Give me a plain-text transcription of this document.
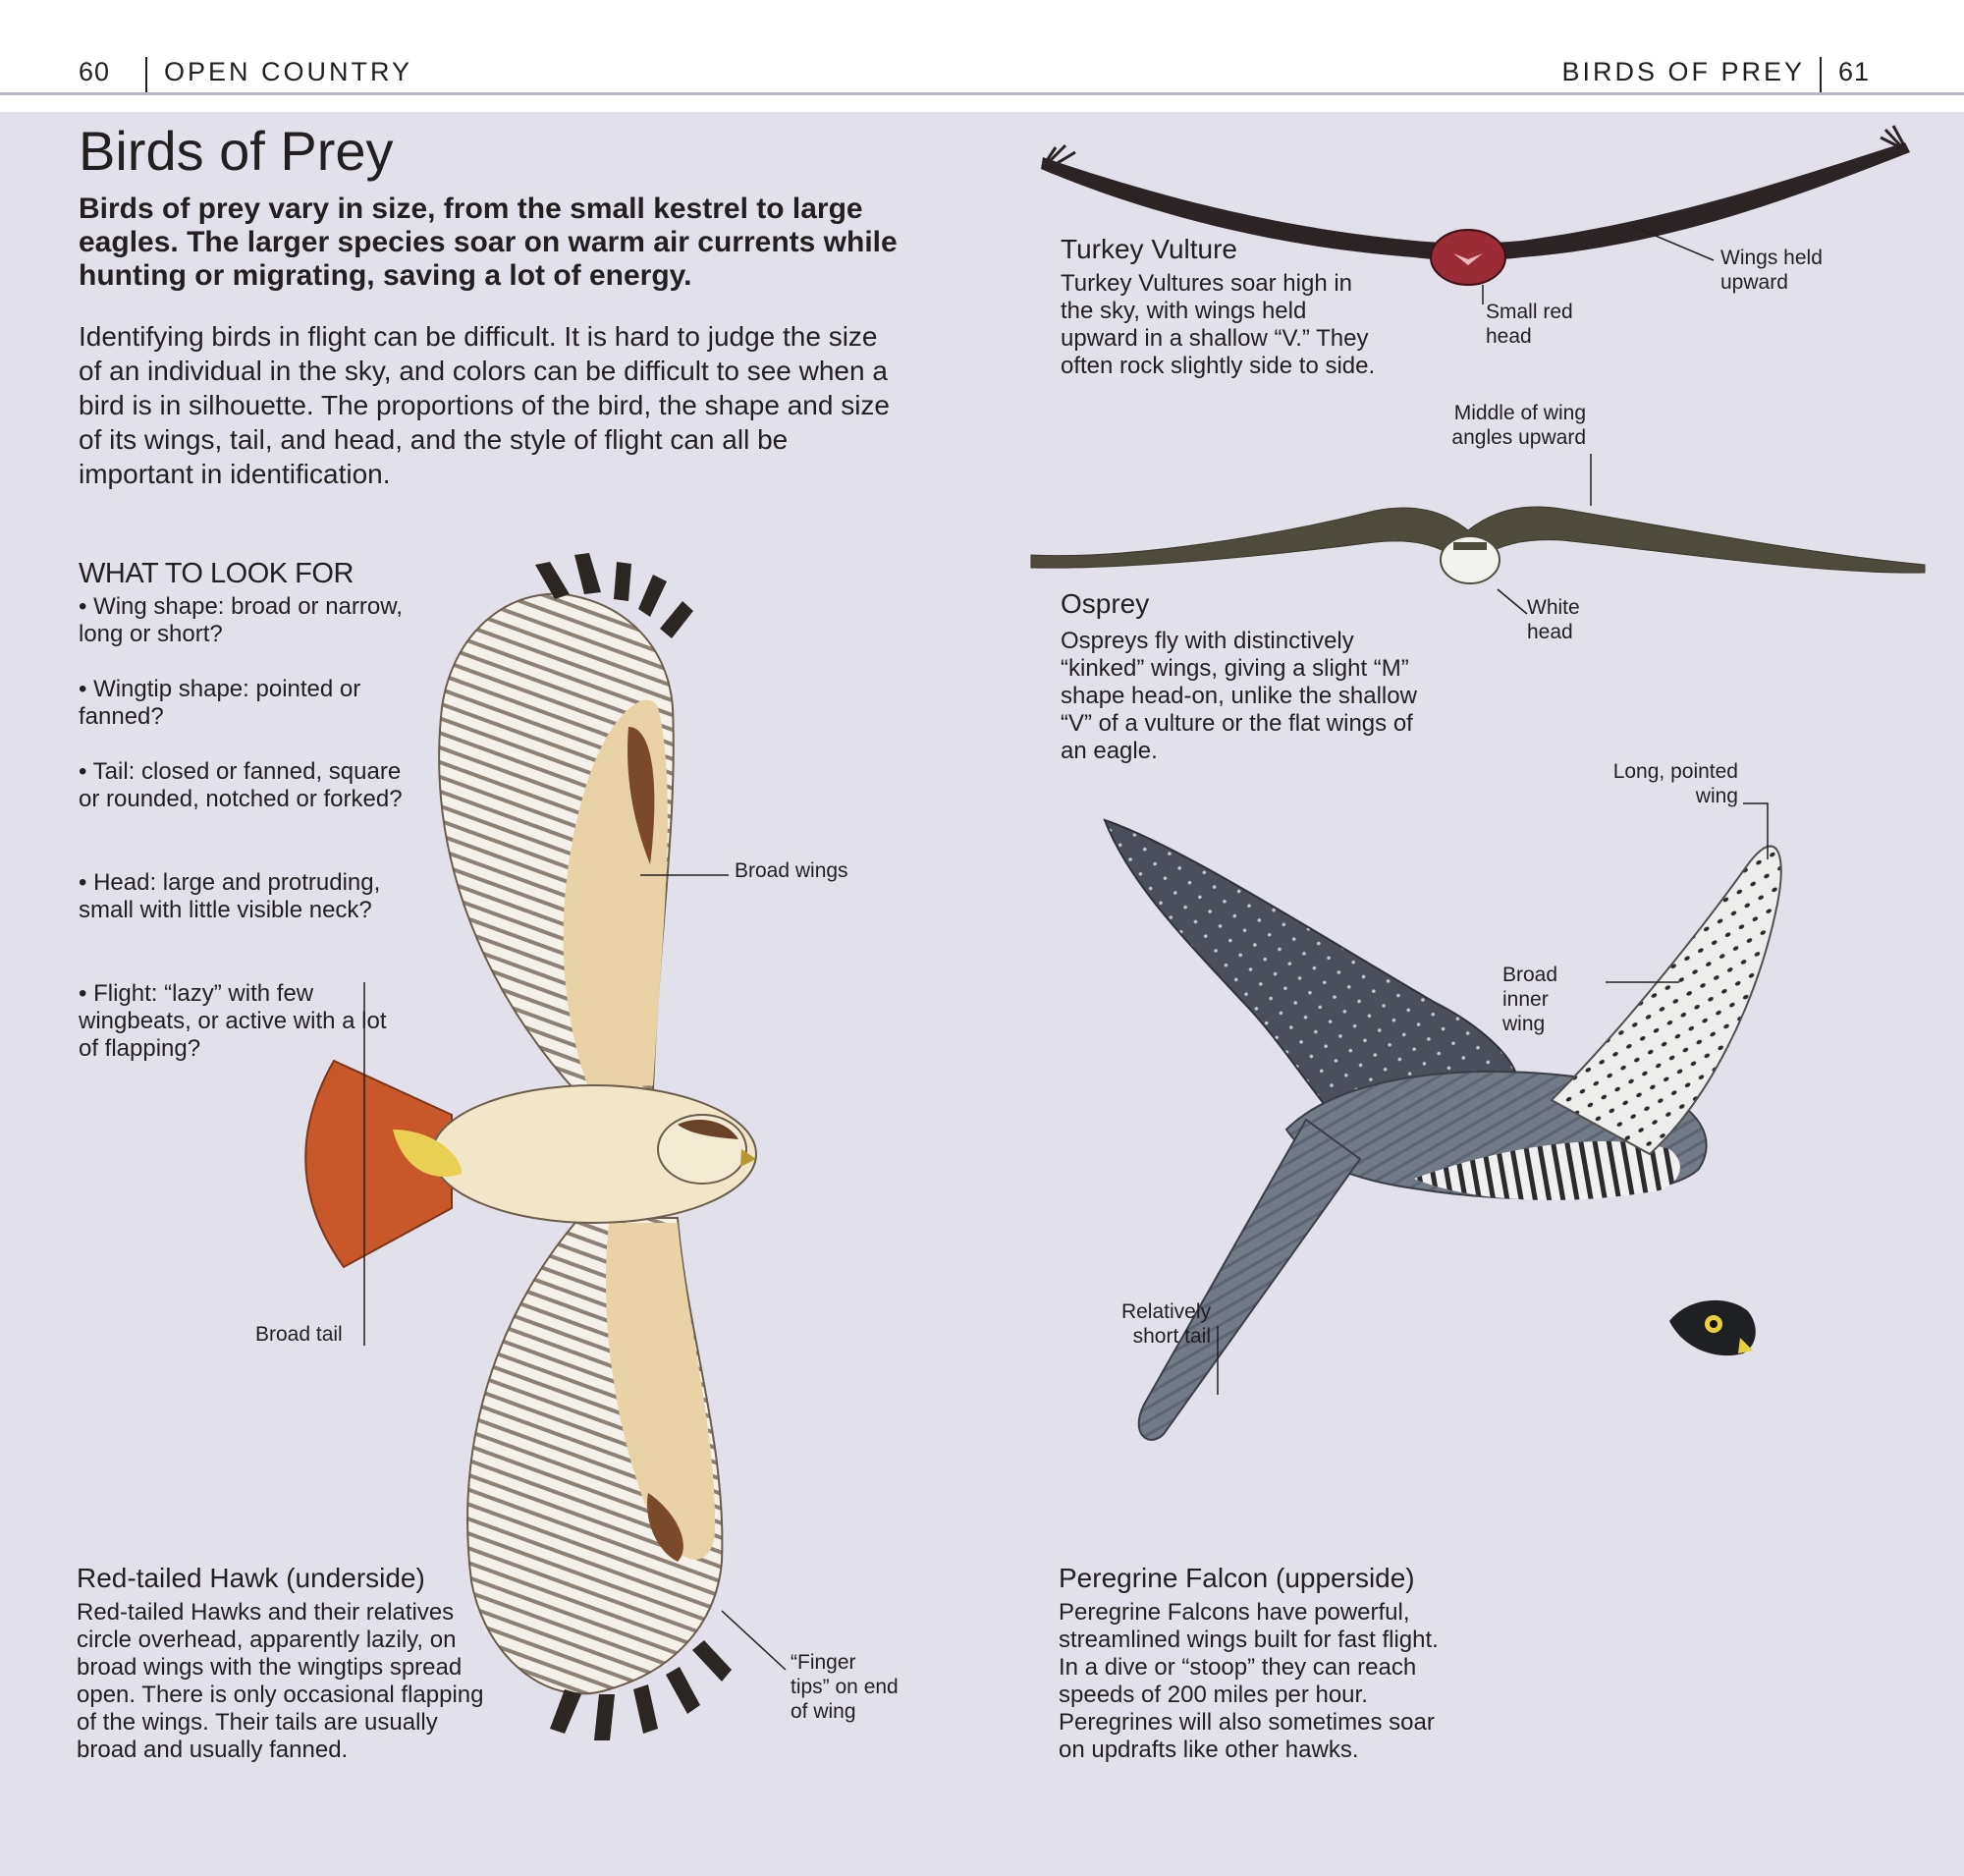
60 OPEN COUNTRY	BIRDS OF PREY 61
Birds of Prey
Birds of prey vary in size, from the small kestrel to large eagles. The larger species soar on warm air currents while hunting or migrating, saving a lot of energy.
Identifying birds in flight can be difficult. It is hard to judge the size of an individual in the sky, and colors can be difficult to see when a bird is in silhouette. The proportions of the bird, the shape and size of its wings, tail, and head, and the style of flight can all be important in identification.
WHAT TO LOOK FOR
• Wing shape: broad or narrow, long or short?
• Wingtip shape: pointed or fanned?
• Tail: closed or fanned, square or rounded, notched or forked?
• Head: large and protruding, small with little visible neck?
• Flight: “lazy” with few wingbeats, or active with a lot of flapping?
Broad wings
Broad tail
“Finger tips” on end of wing
Red-tailed Hawk (underside)
Red-tailed Hawks and their relatives circle overhead, apparently lazily, on broad wings with the wingtips spread open. There is only occasional flapping of the wings. Their tails are usually broad and usually fanned.
Turkey Vulture
Turkey Vultures soar high in the sky, with wings held upward in a shallow “V.” They often rock slightly side to side.
Small red head
Wings held upward
Middle of wing angles upward
White head
Osprey
Ospreys fly with distinctively “kinked” wings, giving a slight “M” shape head-on, unlike the shallow “V” of a vulture or the flat wings of an eagle.
Long, pointed wing
Broad inner wing
Relatively short tail
Peregrine Falcon (upperside)
Peregrine Falcons have powerful, streamlined wings built for fast flight. In a dive or “stoop” they can reach speeds of 200 miles per hour. Peregrines will also sometimes soar on updrafts like other hawks.
